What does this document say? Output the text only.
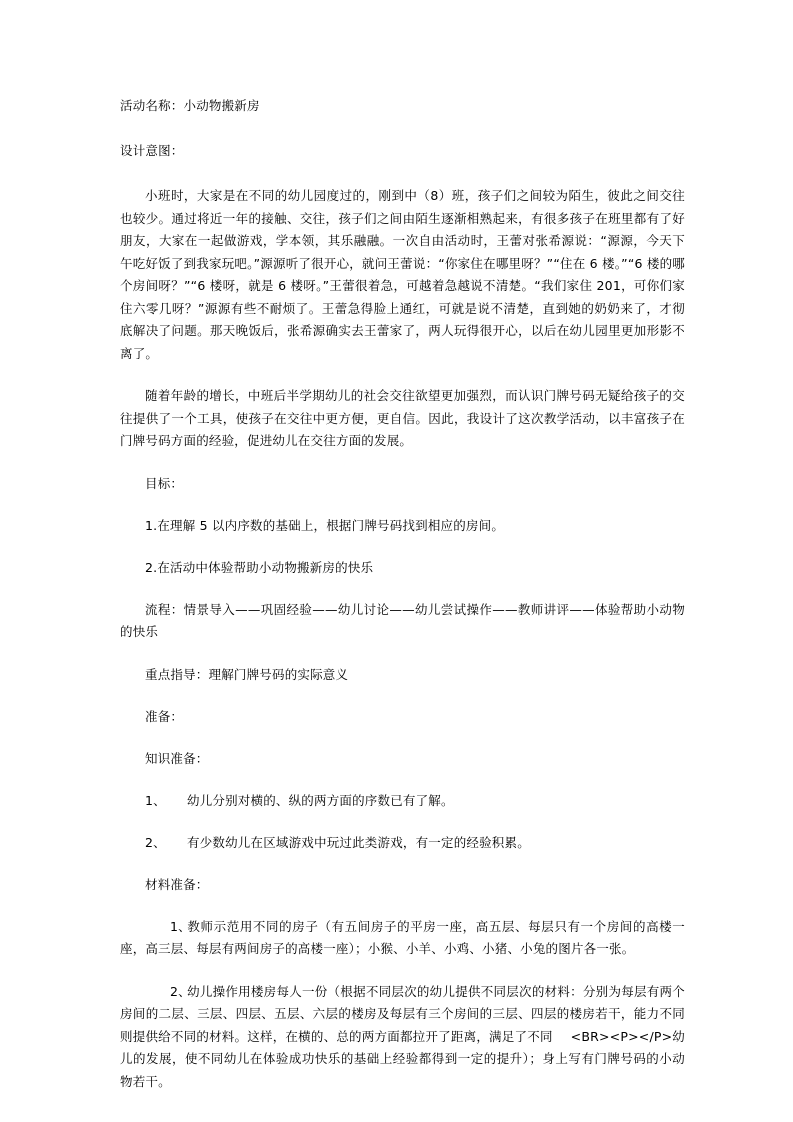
活动名称：小动物搬新房
设计意图：
小班时，大家是在不同的幼儿园度过的，刚到中（8）班，孩子们之间较为陌生，彼此之间交往也较少。通过将近一年的接触、交往，孩子们之间由陌生逐渐相熟起来，有很多孩子在班里都有了好朋友，大家在一起做游戏，学本领，其乐融融。一次自由活动时，王蕾对张希源说：“源源，今天下午吃好饭了到我家玩吧。”源源听了很开心，就问王蕾说：“你家住在哪里呀？”“住在 6 楼。”“6 楼的哪个房间呀？”“6 楼呀，就是 6 楼呀。”王蕾很着急，可越着急越说不清楚。“我们家住 201，可你们家住六零几呀？”源源有些不耐烦了。王蕾急得脸上通红，可就是说不清楚，直到她的奶奶来了，才彻底解决了问题。那天晚饭后，张希源确实去王蕾家了，两人玩得很开心，以后在幼儿园里更加形影不离了。
随着年龄的增长，中班后半学期幼儿的社会交往欲望更加强烈，而认识门牌号码无疑给孩子的交往提供了一个工具，使孩子在交往中更方便，更自信。因此，我设计了这次教学活动，以丰富孩子在门牌号码方面的经验，促进幼儿在交往方面的发展。
目标：
1.在理解 5 以内序数的基础上，根据门牌号码找到相应的房间。
2.在活动中体验帮助小动物搬新房的快乐
流程：情景导入——巩固经验——幼儿讨论——幼儿尝试操作——教师讲评——体验帮助小动物的快乐
重点指导：理解门牌号码的实际意义
准备：
知识准备：
1、 幼儿分别对横的、纵的两方面的序数已有了解。
2、 有少数幼儿在区域游戏中玩过此类游戏，有一定的经验积累。
材料准备：
1、教师示范用不同的房子（有五间房子的平房一座，高五层、每层只有一个房间的高楼一座，高三层、每层有两间房子的高楼一座）；小猴、小羊、小鸡、小猪、小兔的图片各一张。
2、幼儿操作用楼房每人一份（根据不同层次的幼儿提供不同层次的材料：分别为每层有两个房间的二层、三层、四层、五层、六层的楼房及每层有三个房间的三层、四层的楼房若干，能力不同则提供给不同的材料。这样，在横的、总的两方面都拉开了距离，满足了不同 <BR><P></P>幼儿的发展，使不同幼儿在体验成功快乐的基础上经验都得到一定的提升）；身上写有门牌号码的小动物若干。
